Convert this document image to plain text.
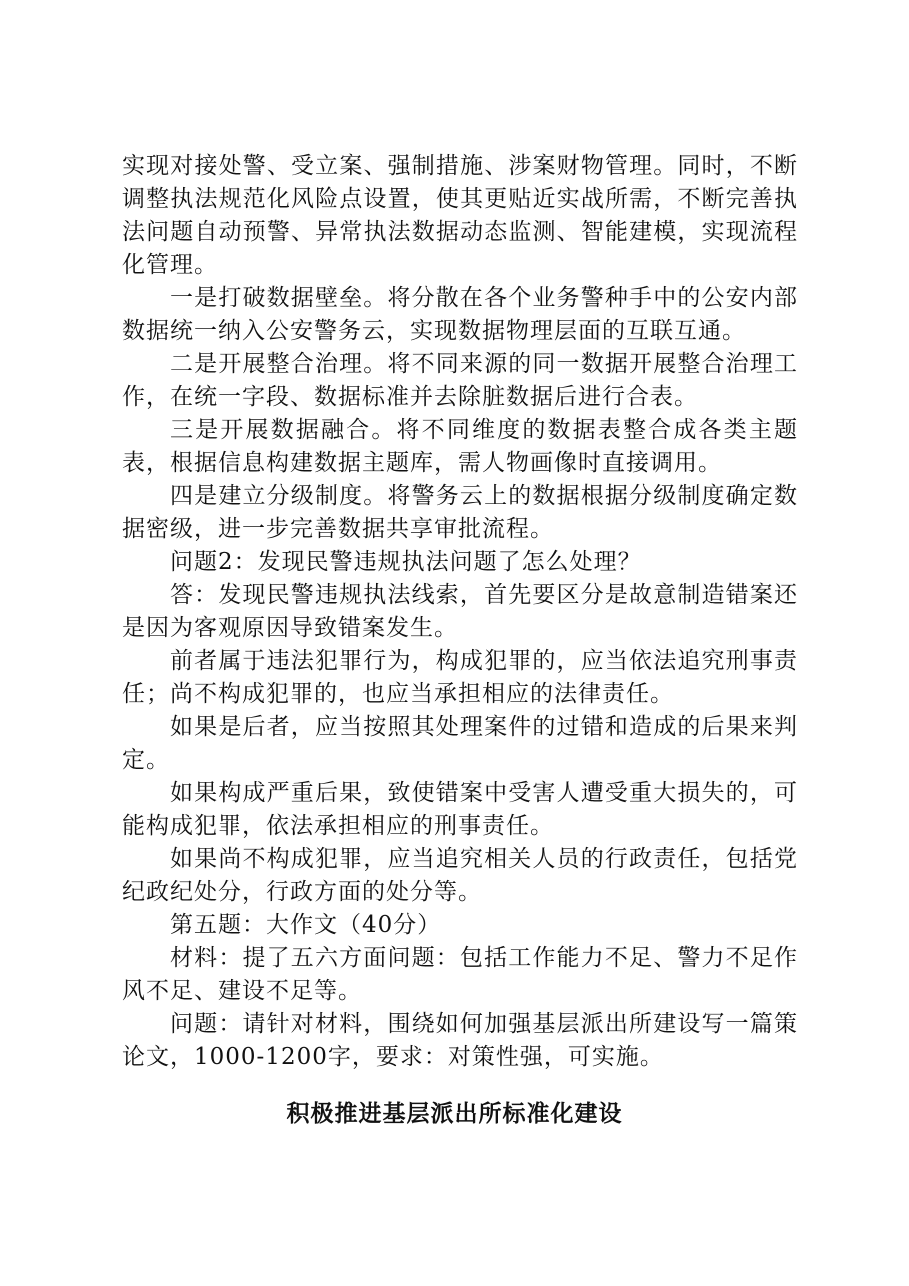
实现对接处警、受立案、强制措施、涉案财物管理。同时，不断调整执法规范化风险点设置，使其更贴近实战所需，不断完善执法问题自动预警、异常执法数据动态监测、智能建模，实现流程化管理。

一是打破数据壁垒。将分散在各个业务警种手中的公安内部数据统一纳入公安警务云，实现数据物理层面的互联互通。

二是开展整合治理。将不同来源的同一数据开展整合治理工作，在统一字段、数据标准并去除脏数据后进行合表。

三是开展数据融合。将不同维度的数据表整合成各类主题表，根据信息构建数据主题库，需人物画像时直接调用。

四是建立分级制度。将警务云上的数据根据分级制度确定数据密级，进一步完善数据共享审批流程。

问题2：发现民警违规执法问题了怎么处理？

答：发现民警违规执法线索，首先要区分是故意制造错案还是因为客观原因导致错案发生。

前者属于违法犯罪行为，构成犯罪的，应当依法追究刑事责任；尚不构成犯罪的，也应当承担相应的法律责任。

如果是后者，应当按照其处理案件的过错和造成的后果来判定。

如果构成严重后果，致使错案中受害人遭受重大损失的，可能构成犯罪，依法承担相应的刑事责任。

如果尚不构成犯罪，应当追究相关人员的行政责任，包括党纪政纪处分，行政方面的处分等。

第五题：大作文（40分）

材料：提了五六方面问题：包括工作能力不足、警力不足作风不足、建设不足等。

问题：请针对材料，围绕如何加强基层派出所建设写一篇策论文，1000-1200字，要求：对策性强，可实施。

积极推进基层派出所标准化建设
